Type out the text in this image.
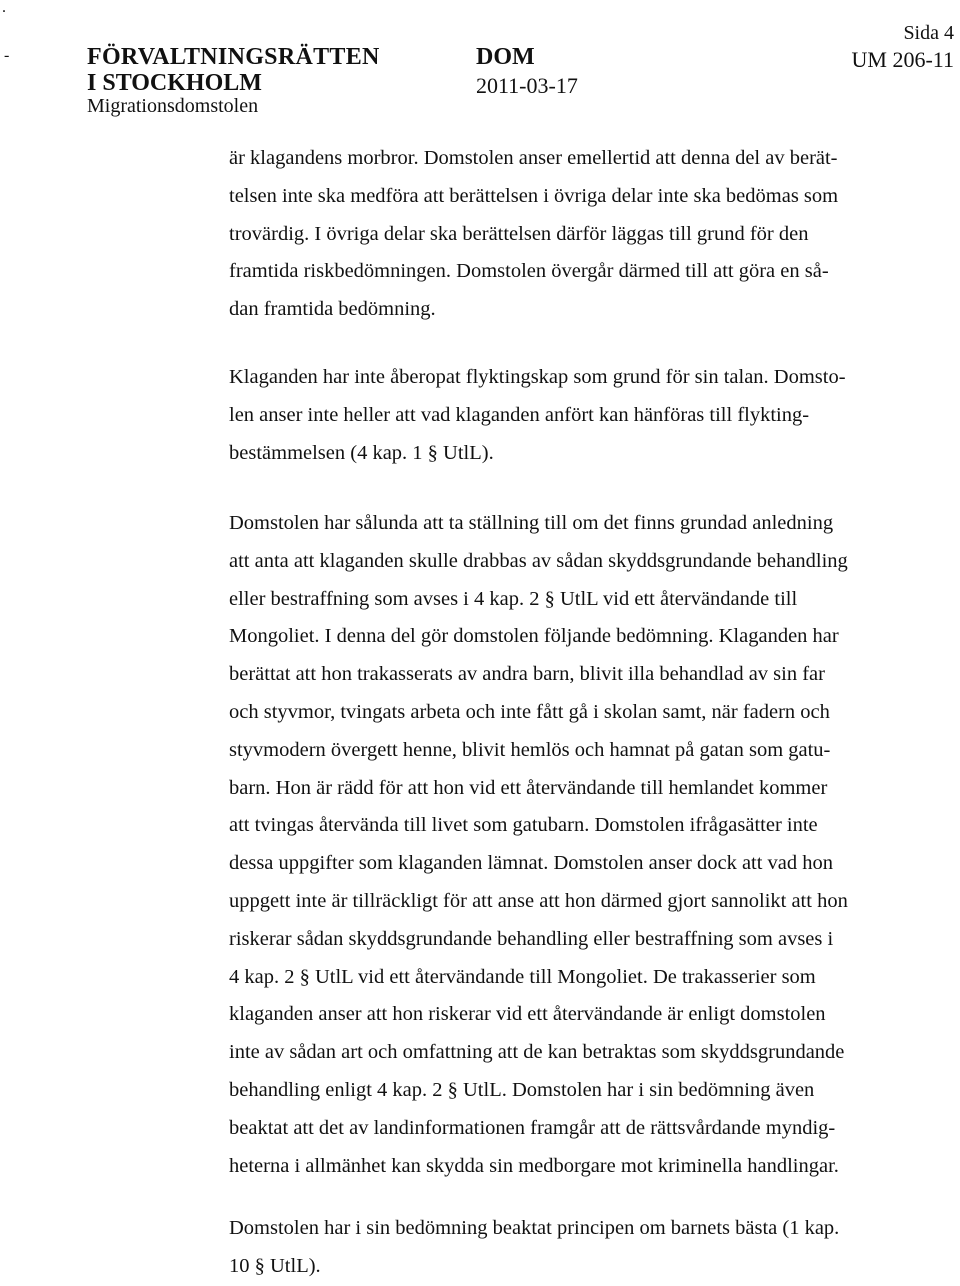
.
-	FÖRVALTNINGSRÄTTEN
I STOCKHOLM
Migrationsdomstolen
DOM
2011-03-17
Sida 4
UM 206-11
är klagandens morbror. Domstolen anser emellertid att denna del av berät-
telsen inte ska medföra att berättelsen i övriga delar inte ska bedömas som
trovärdig. I övriga delar ska berättelsen därför läggas till grund för den
framtida riskbedömningen. Domstolen övergår därmed till att göra en så-
dan framtida bedömning.
Klaganden har inte åberopat flyktingskap som grund för sin talan. Domsto-
len anser inte heller att vad klaganden anfört kan hänföras till flykting-
bestämmelsen (4 kap. 1 § UtlL).
Domstolen har sålunda att ta ställning till om det finns grundad anledning
att anta att klaganden skulle drabbas av sådan skyddsgrundande behandling
eller bestraffning som avses i 4 kap. 2 § UtlL vid ett återvändande till
Mongoliet. I denna del gör domstolen följande bedömning. Klaganden har
berättat att hon trakasserats av andra barn, blivit illa behandlad av sin far
och styvmor, tvingats arbeta och inte fått gå i skolan samt, när fadern och
styvmodern övergett henne, blivit hemlös och hamnat på gatan som gatu-
barn. Hon är rädd för att hon vid ett återvändande till hemlandet kommer
att tvingas återvända till livet som gatubarn. Domstolen ifrågasätter inte
dessa uppgifter som klaganden lämnat. Domstolen anser dock att vad hon
uppgett inte är tillräckligt för att anse att hon därmed gjort sannolikt att hon
riskerar sådan skyddsgrundande behandling eller bestraffning som avses i
4 kap. 2 § UtlL vid ett återvändande till Mongoliet. De trakasserier som
klaganden anser att hon riskerar vid ett återvändande är enligt domstolen
inte av sådan art och omfattning att de kan betraktas som skyddsgrundande
behandling enligt 4 kap. 2 § UtlL. Domstolen har i sin bedömning även
beaktat att det av landinformationen framgår att de rättsvårdande myndig-
heterna i allmänhet kan skydda sin medborgare mot kriminella handlingar.
Domstolen har i sin bedömning beaktat principen om barnets bästa (1 kap.
10 § UtlL).
